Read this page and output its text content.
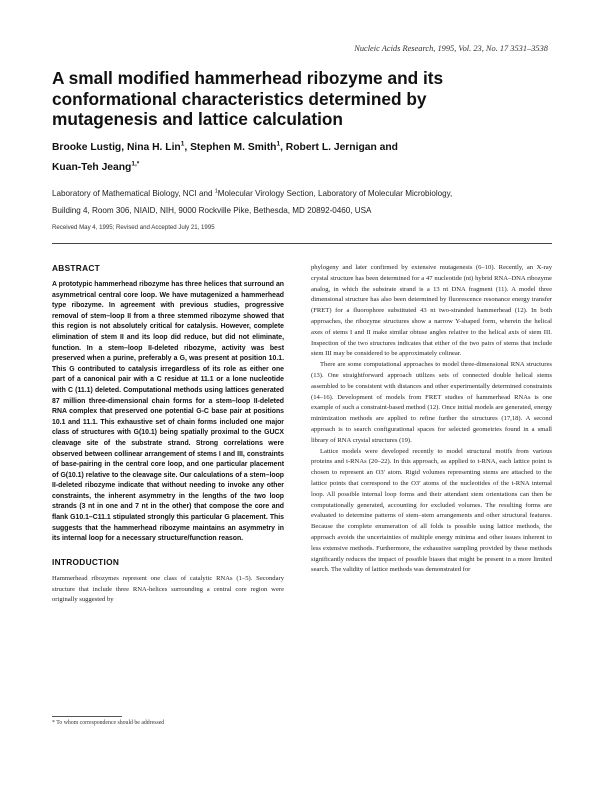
Nucleic Acids Research, 1995, Vol. 23, No. 17 3531–3538
A small modified hammerhead ribozyme and its conformational characteristics determined by mutagenesis and lattice calculation
Brooke Lustig, Nina H. Lin$^1$, Stephen M. Smith$^1$, Robert L. Jernigan and
Kuan-Teh Jeang$^{1,*}$
Laboratory of Mathematical Biology, NCI and $^1$Molecular Virology Section, Laboratory of Molecular Microbiology,
Building 4, Room 306, NIAID, NIH, 9000 Rockville Pike, Bethesda, MD 20892-0460, USA
Received May 4, 1995; Revised and Accepted July 21, 1995
ABSTRACT

A prototypic hammerhead ribozyme has three helices that surround an asymmetrical central core loop. We have mutagenized a hammerhead type ribozyme. In agreement with previous studies, progressive removal of stem–loop II from a three stemmed ribozyme showed that this region is not absolutely critical for catalysis. However, complete elimination of stem II and its loop did reduce, but did not eliminate, function. In a stem–loop II-deleted ribozyme, activity was best preserved when a purine, preferably a G, was present at position 10.1. This G contributed to catalysis irregardless of its role as either one part of a canonical pair with a C residue at 11.1 or a lone nucleotide with C (11.1) deleted. Computational methods using lattices generated 87 million three-dimensional chain forms for a stem–loop II-deleted RNA complex that preserved one potential G-C base pair at positions 10.1 and 11.1. This exhaustive set of chain forms included one major class of structures with G(10.1) being spatially proximal to the GUCX cleavage site of the substrate strand. Strong correlations were observed between collinear arrangement of stems I and III, constraints of base-pairing in the central core loop, and one particular placement of G(10.1) relative to the cleavage site. Our calculations of a stem–loop II-deleted ribozyme indicate that without needing to invoke any other constraints, the inherent asymmetry in the lengths of the two loop strands (3 nt in one and 7 nt in the other) that compose the core and flank G10.1–C11.1 stipulated strongly this particular G placement. This suggests that the hammerhead ribozyme maintains an asymmetry in its internal loop for a necessary structure/function reason.

INTRODUCTION

Hammerhead ribozymes represent one class of catalytic RNAs (1–5). Secondary structure that include three RNA-helices surrounding a central core region were originally suggested by

phylogeny and later confirmed by extensive mutagenesis (6–10). Recently, an X-ray crystal structure has been determined for a 47 nucleotide (nt) hybrid RNA–DNA ribozyme analog, in which the substrate strand is a 13 nt DNA fragment (11). A model three dimensional structure has also been determined by fluorescence resonance energy transfer (FRET) for a fluorophore substituted 43 nt two-stranded hammerhead (12). In both approaches, the ribozyme structures show a narrow Y-shaped form, wherein the helical axes of stems I and II make similar obtuse angles relative to the helical axis of stem III. Inspection of the two structures indicates that either of the two pairs of stems that include stem III may be considered to be approximately colinear.

There are some computational approaches to model three-dimensional RNA structures (13). One straightforward approach utilizes sets of connected double helical stems assembled to be consistent with distances and other experimentally determined constraints (14–16). Development of models from FRET studies of hammerhead RNAs is one example of such a constraint-based method (12). Once initial models are generated, energy minimization methods are applied to refine further the structures (17,18). A second approach is to search configurational spaces for selected geometries found in a small library of RNA crystal structures (19).

Lattice models were developed recently to model structural motifs from various proteins and t-RNAs (20–22). In this approach, as applied to t-RNA, each lattice point is chosen to represent an O3′ atom. Rigid volumes representing stems are attached to the lattice points that correspond to the O3′ atoms of the nucleotides of the t-RNA internal loop. All possible internal loop forms and their attendant stem orientations can then be computationally generated, accounting for excluded volumes. The resulting forms are evaluated to determine patterns of stem–stem arrangements and other structural features. Because the complete enumeration of all folds is possible using lattice methods, the approach avoids the uncertainties of multiple energy minima and other issues inherent to less extensive methods. Furthermore, the exhaustive sampling provided by these methods significantly reduces the impact of possible biases that might be present in a more limited search. The validity of lattice methods was demonstrated for

* To whom correspondence should be addressed
